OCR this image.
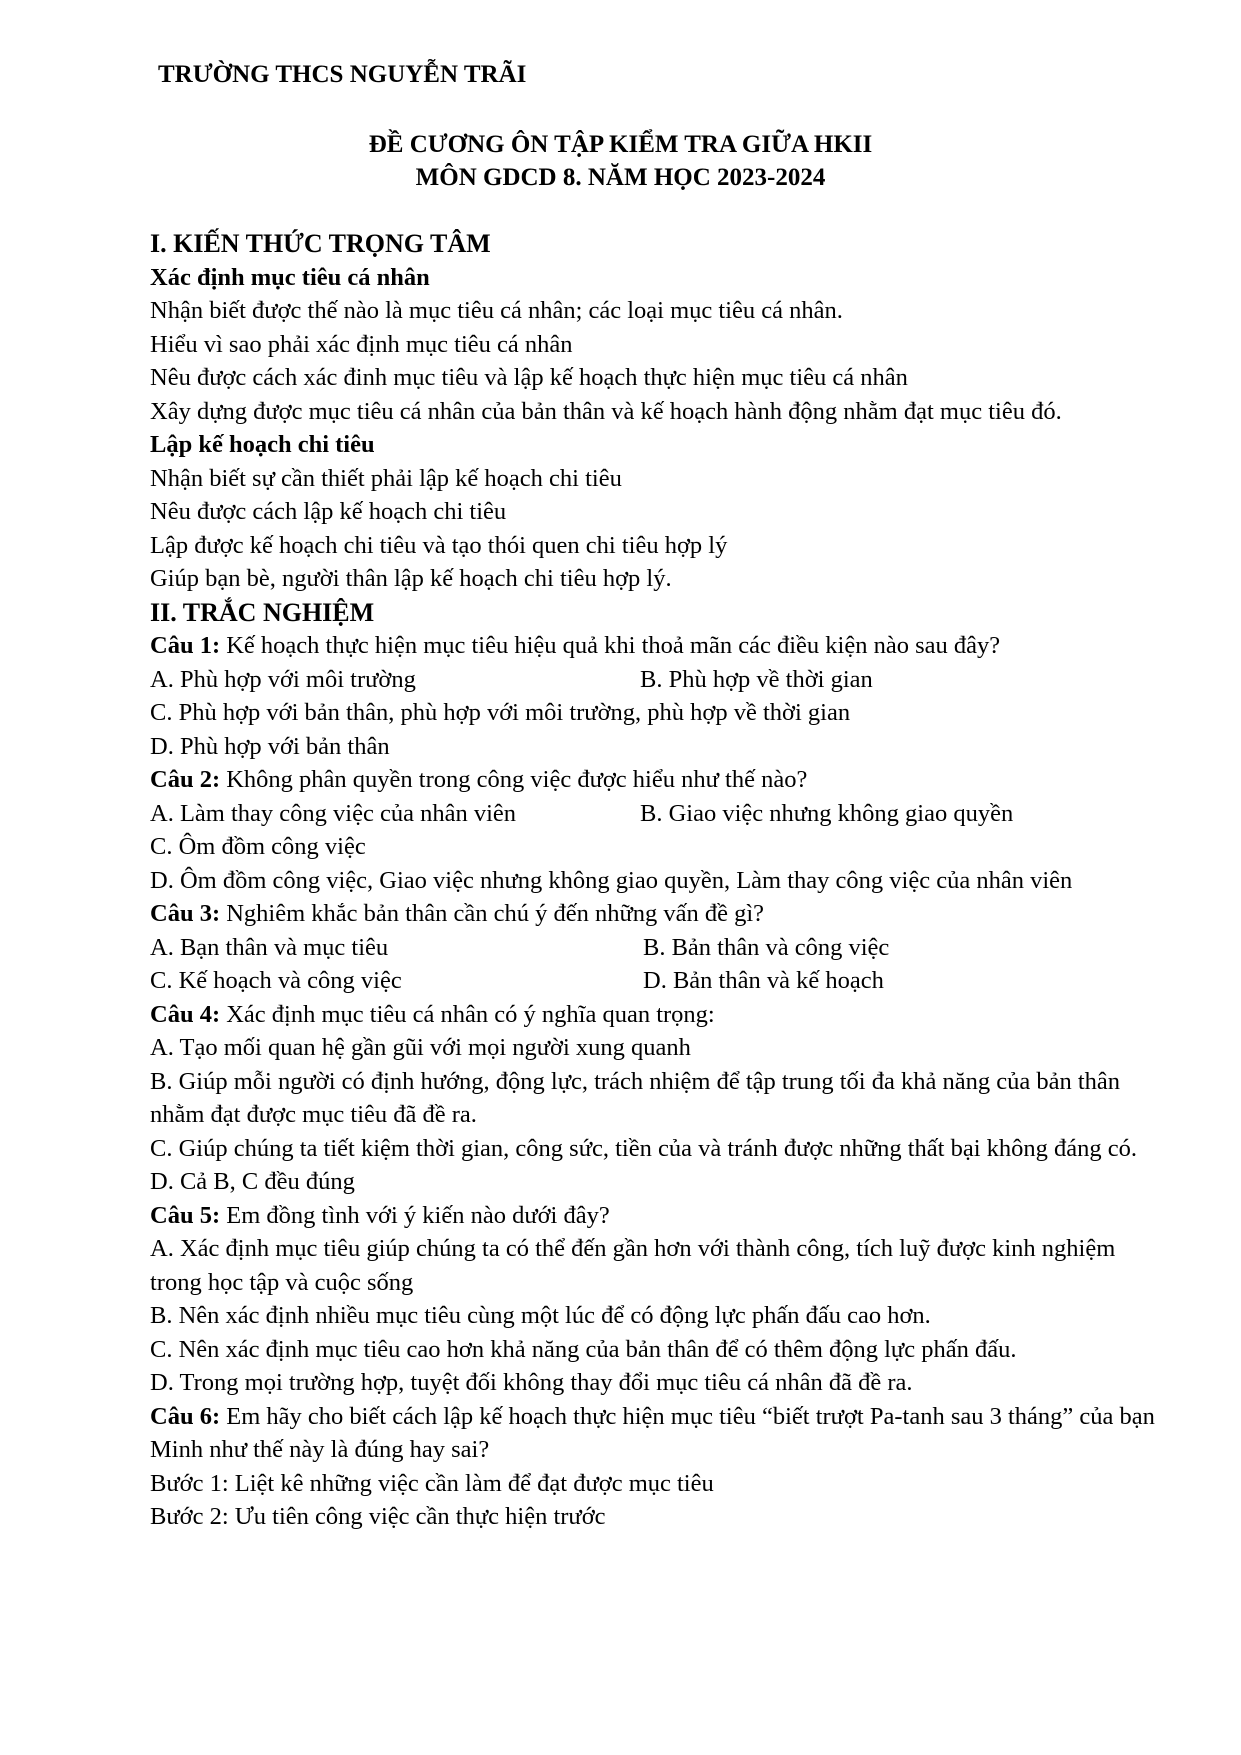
TRƯỜNG THCS NGUYỄN TRÃI

ĐỀ CƯƠNG ÔN TẬP KIỂM TRA GIỮA HKII

MÔN GDCD 8. NĂM HỌC 2023-2024

I. KIẾN THỨC TRỌNG TÂM

Xác định mục tiêu cá nhân

Nhận biết được thế nào là mục tiêu cá nhân; các loại mục tiêu cá nhân.

Hiểu vì sao phải xác định mục tiêu cá nhân

Nêu được cách xác đinh mục tiêu và lập kế hoạch thực hiện mục tiêu cá nhân

Xây dựng được mục tiêu cá nhân của bản thân và kế hoạch hành động nhằm đạt mục tiêu đó.

Lập kế hoạch chi tiêu

Nhận biết sự cần thiết phải lập kế hoạch chi tiêu

Nêu được cách lập kế hoạch chi tiêu

Lập được kế hoạch chi tiêu và tạo thói quen chi tiêu hợp lý

Giúp bạn bè, người thân lập kế hoạch chi tiêu hợp lý.

II. TRẮC NGHIỆM

Câu 1: Kế hoạch thực hiện mục tiêu hiệu quả khi thoả mãn các điều kiện nào sau đây?

A. Phù hợp với môi trường	B. Phù hợp về thời gian

C. Phù hợp với bản thân, phù hợp với môi trường, phù hợp về thời gian

D. Phù hợp với bản thân

Câu 2: Không phân quyền trong công việc được hiểu như thế nào?

A. Làm thay công việc của nhân viên	B. Giao việc nhưng không giao quyền

C. Ôm đồm công việc

D. Ôm đồm công việc, Giao việc nhưng không giao quyền, Làm thay công việc của nhân viên

Câu 3: Nghiêm khắc bản thân cần chú ý đến những vấn đề gì?

A. Bạn thân và mục tiêu	B. Bản thân và công việc
C. Kế hoạch và công việc	D. Bản thân và kế hoạch

Câu 4: Xác định mục tiêu cá nhân có ý nghĩa quan trọng:

A. Tạo mối quan hệ gần gũi với mọi người xung quanh

B. Giúp mỗi người có định hướng, động lực, trách nhiệm để tập trung tối đa khả năng của bản thân nhằm đạt được mục tiêu đã đề ra.

C. Giúp chúng ta tiết kiệm thời gian, công sức, tiền của và tránh được những thất bại không đáng có.

D. Cả B, C đều đúng

Câu 5: Em đồng tình với ý kiến nào dưới đây?

A. Xác định mục tiêu giúp chúng ta có thể đến gần hơn với thành công, tích luỹ được kinh nghiệm trong học tập và cuộc sống

B. Nên xác định nhiều mục tiêu cùng một lúc để có động lực phấn đấu cao hơn.

C. Nên xác định mục tiêu cao hơn khả năng của bản thân để có thêm động lực phấn đấu.

D. Trong mọi trường hợp, tuyệt đối không thay đổi mục tiêu cá nhân đã đề ra.

Câu 6: Em hãy cho biết cách lập kế hoạch thực hiện mục tiêu “biết trượt Pa-tanh sau 3 tháng” của bạn Minh như thế này là đúng hay sai?

Bước 1: Liệt kê những việc cần làm để đạt được mục tiêu

Bước 2: Ưu tiên công việc cần thực hiện trước
